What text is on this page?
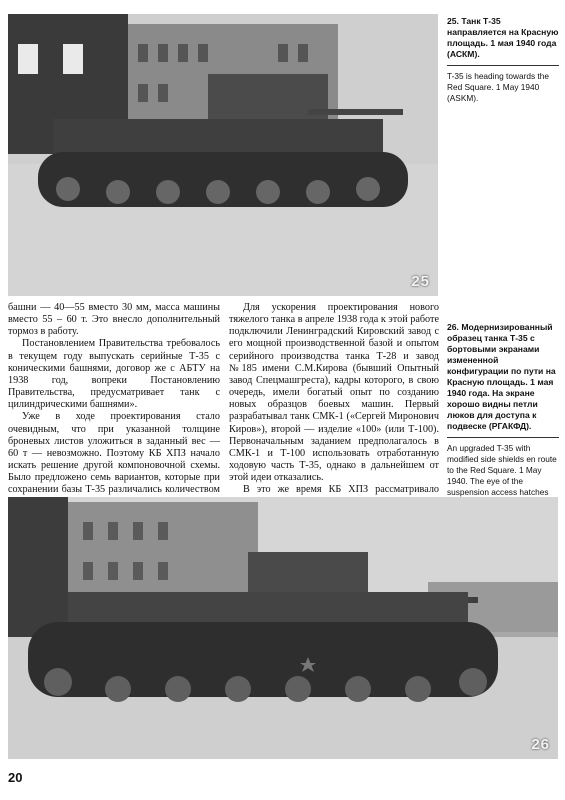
25
25. Танк Т-35 направляется на Красную площадь. 1 мая 1940 года (АСКМ).
T-35 is heading towards the Red Square. 1 May 1940 (ASKM).
26. Модернизированный образец танка Т-35 с бортовыми экранами измененной конфигурации по пути на Красную площадь. 1 мая 1940 года. На экране хорошо видны петли люков для доступа к подвеске (РГАКФД).
An upgraded T-35 with modified side shields en route to the Red Square. 1 May 1940. The eye of the suspension access hatches

башни — 40—55 вместо 30 мм, масса машины вместо 55 – 60 т. Это внесло дополнительный тормоз в работу.

Постановлением Правительства требовалось в текущем году выпускать серийные Т-35 с коническими башнями, договор же с АБТУ на 1938 год, вопреки Постановлению Правительства, предусматривает танк с цилиндрическими башнями».

Уже в ходе проектирования стало очевидным, что при указанной толщине броневых листов уложиться в заданный вес — 60 т — невозможно. Поэтому КБ ХПЗ начало искать решение другой компоновочной схемы. Было предложено семь вариантов, которые при сохранении базы Т-35 различались количеством

Для ускорения проектирования нового тяжелого танка в апреле 1938 года к этой работе подключили Ленинградский Кировский завод с его мощной производственной базой и опытом серийного производства танка Т-28 и завод №185 имени С.М.Кирова (бывший Опытный завод Спецмашгреста), кадры которого, в свою очередь, имели богатый опыт по созданию новых образцов боевых машин. Первый разрабатывал танк СМК-1 («Сергей Миронович Киров»), второй — изделие «100» (или Т-100). Первоначальным заданием предполагалось в СМК-1 и Т-100 использовать отработанную ходовую часть Т-35, однако в дальнейшем от этой идеи отказались.

В это же время КБ ХПЗ рассматривало

26
20
